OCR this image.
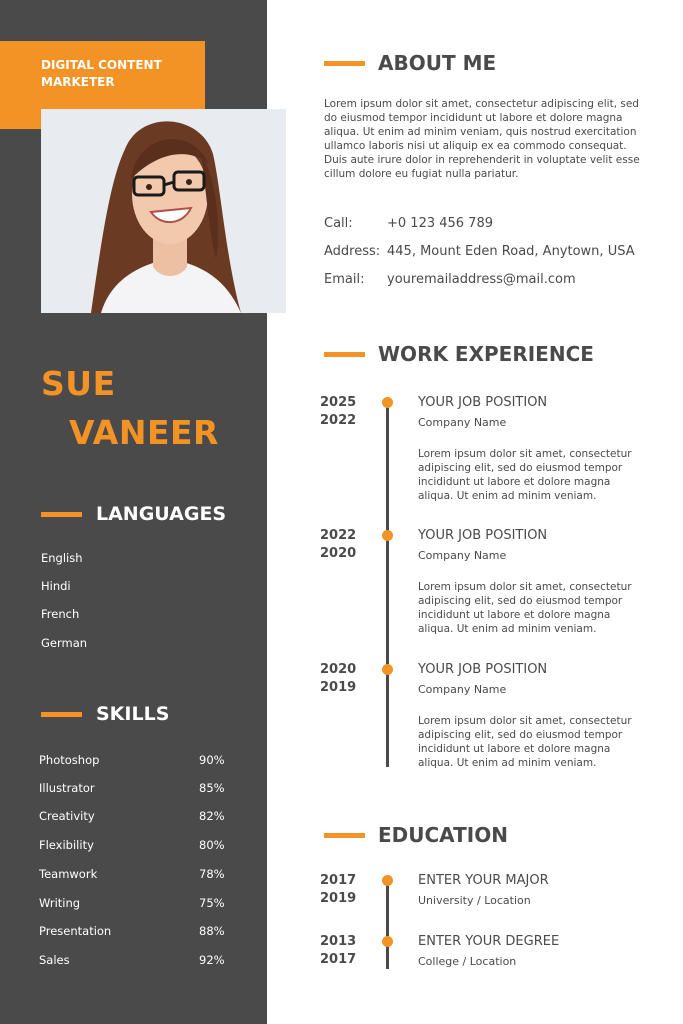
DIGITAL CONTENT
MARKETER
SUE
VANEER
LANGUAGES
English
Hindi
French
German
SKILLS
Photoshop	90%
Illustrator	85%
Creativity	82%
Flexibility	80%
Teamwork	78%
Writing	75%
Presentation	88%
Sales	92%
ABOUT ME
Lorem ipsum dolor sit amet, consectetur adipiscing elit, sed
do eiusmod tempor incididunt ut labore et dolore magna
aliqua. Ut enim ad minim veniam, quis nostrud exercitation
ullamco laboris nisi ut aliquip ex ea commodo consequat.
Duis aute irure dolor in reprehenderit in voluptate velit esse
cillum dolore eu fugiat nulla pariatur.
Call:	+0 123 456 789
Address: 445, Mount Eden Road, Anytown, USA
Email: youremailaddress@mail.com
WORK EXPERIENCE
2025
2022
YOUR JOB POSITION
Company Name
Lorem ipsum dolor sit amet, consectetur
adipiscing elit, sed do eiusmod tempor
incididunt ut labore et dolore magna
aliqua. Ut enim ad minim veniam.
2022
2020
YOUR JOB POSITION
Company Name
Lorem ipsum dolor sit amet, consectetur
adipiscing elit, sed do eiusmod tempor
incididunt ut labore et dolore magna
aliqua. Ut enim ad minim veniam.
2020
2019
YOUR JOB POSITION
Company Name
Lorem ipsum dolor sit amet, consectetur
adipiscing elit, sed do eiusmod tempor
incididunt ut labore et dolore magna
aliqua. Ut enim ad minim veniam.
EDUCATION
2017
2019
ENTER YOUR MAJOR
University / Location
2013
2017
ENTER YOUR DEGREE
College / Location
